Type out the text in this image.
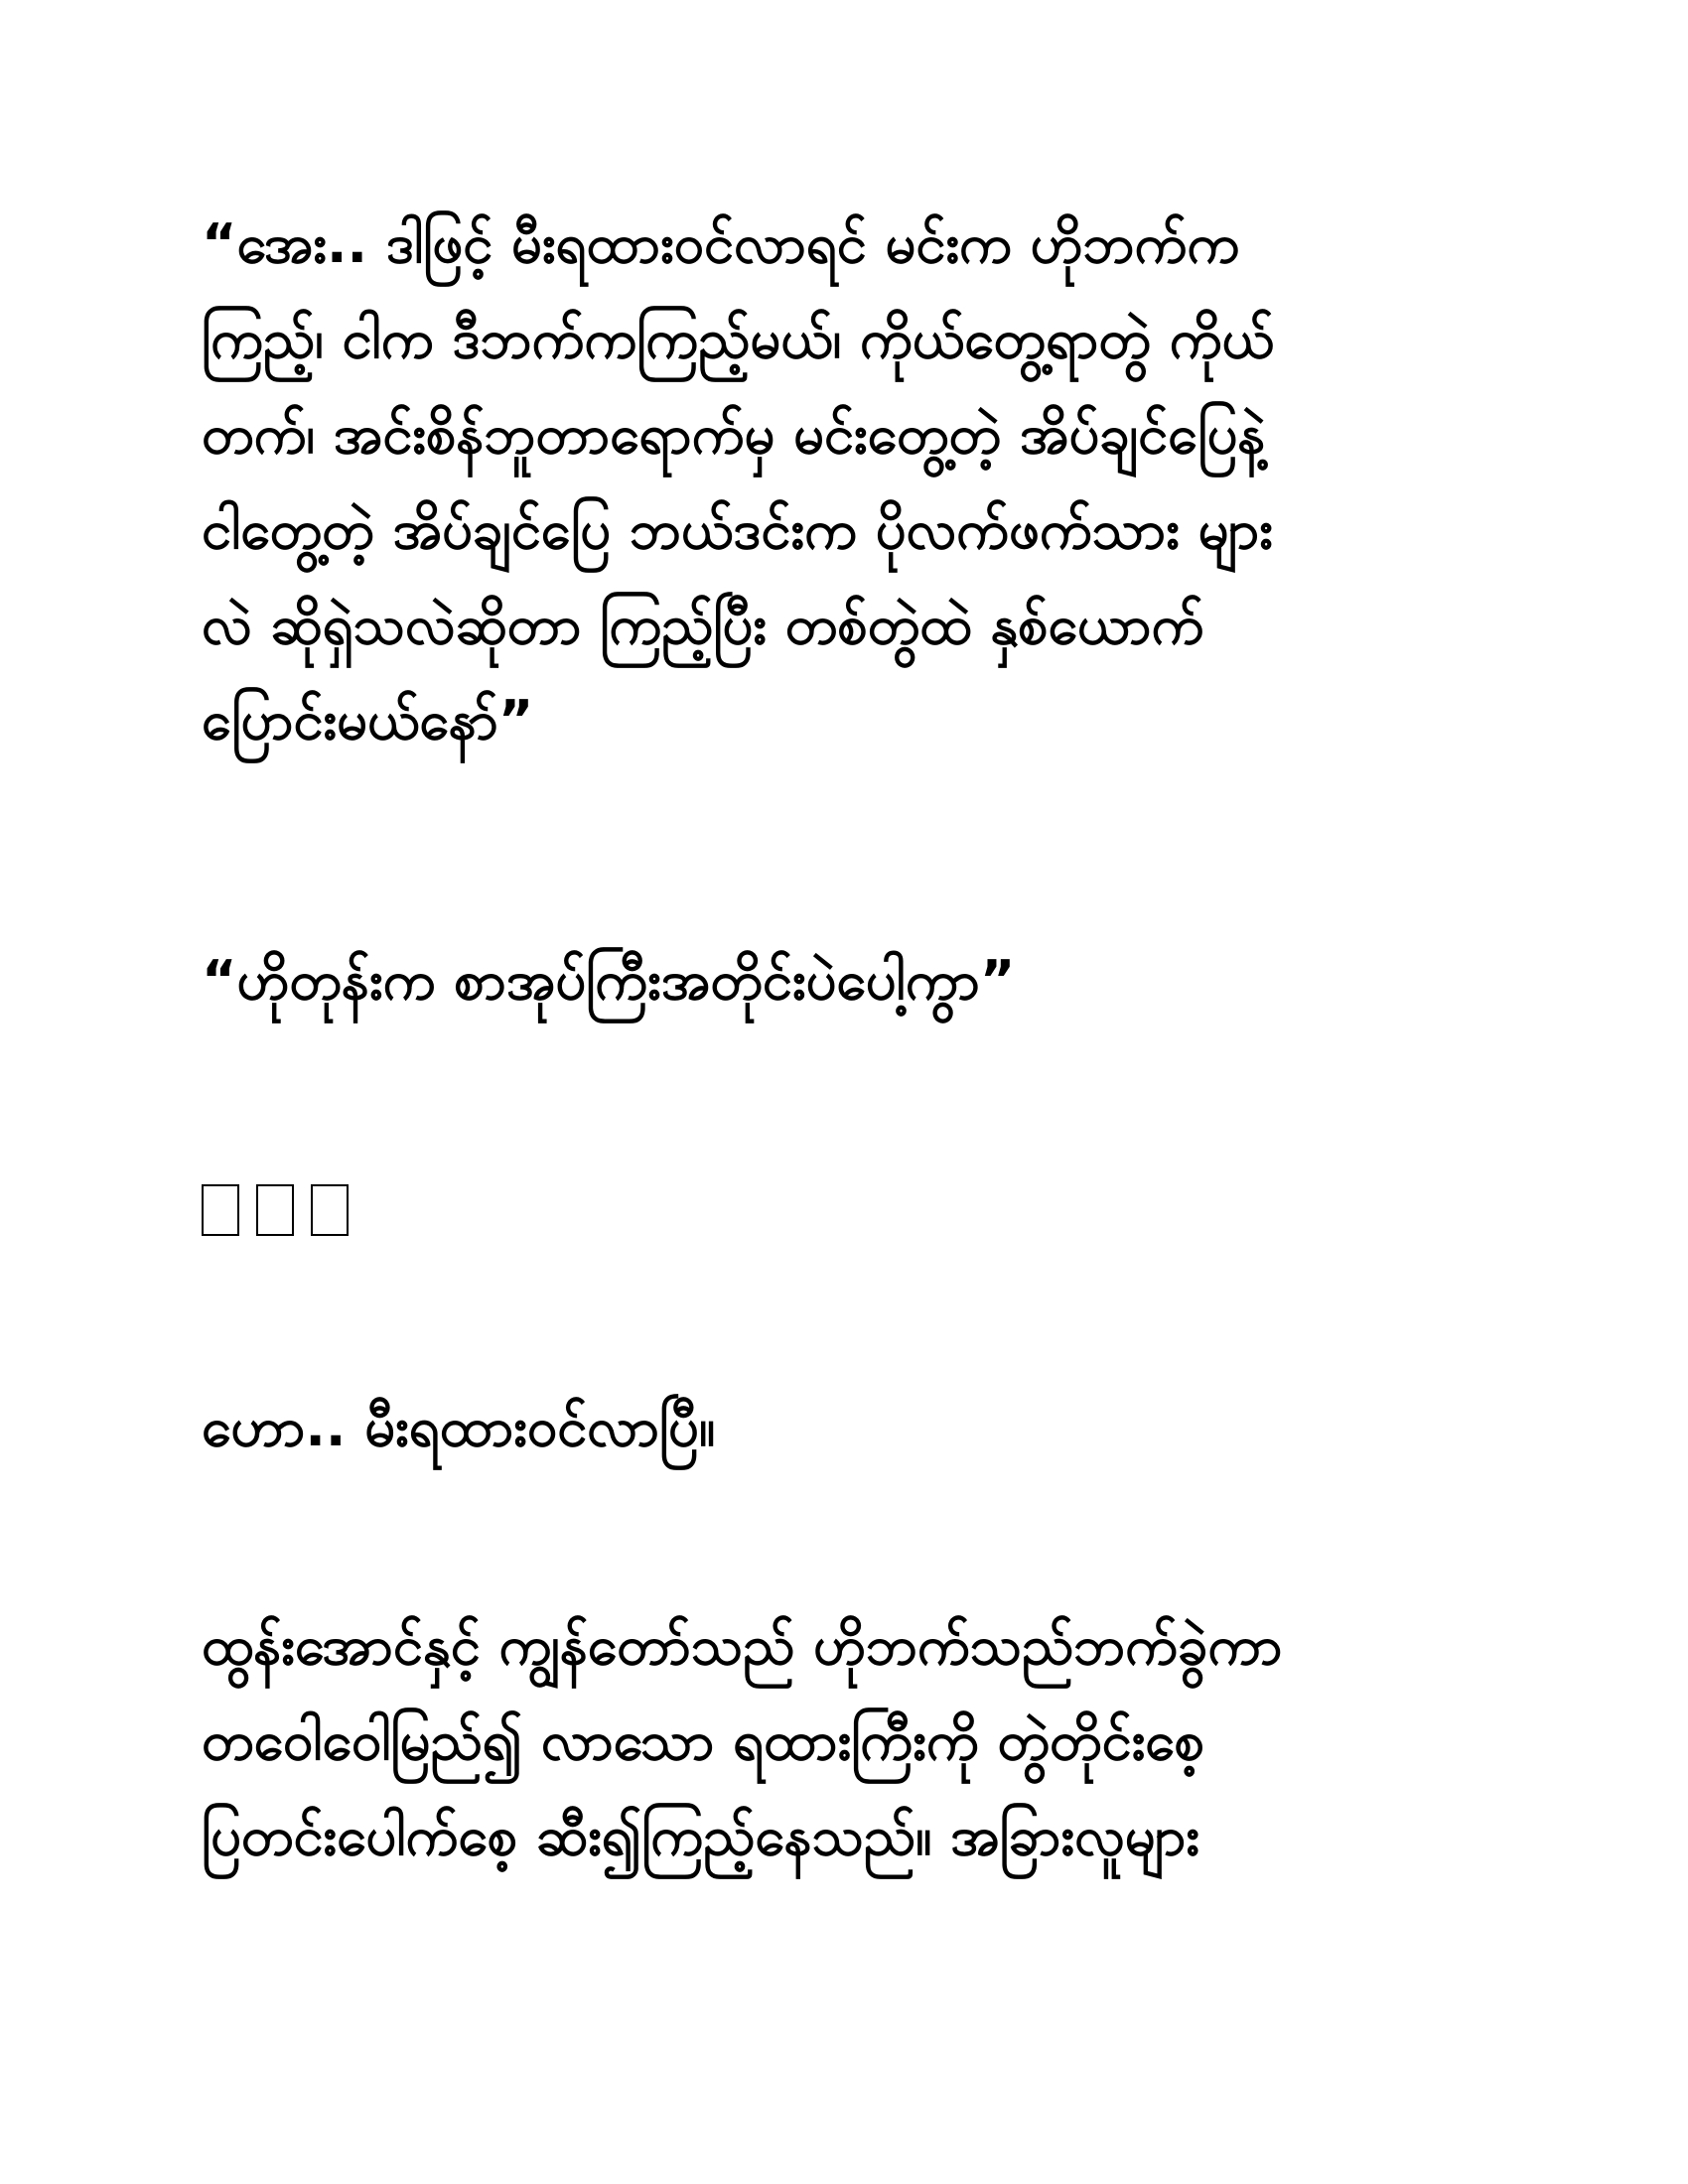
“အေး.. ဒါဖြင့် မီးရထားဝင်လာရင် မင်းက ဟိုဘက်က
ကြည့်၊ ငါက ဒီဘက်ကကြည့်မယ်၊ ကိုယ်တွေ့ရာတွဲ ကိုယ်
တက်၊ အင်းစိန်ဘူတာရောက်မှ မင်းတွေ့တဲ့ အိပ်ချင်ပြေနဲ့
ငါတွေ့တဲ့ အိပ်ချင်ပြေ ဘယ်ဒင်းက ပိုလက်ဖက်သား များ
လဲ ဆိုရှဲသလဲဆိုတာ ကြည့်ပြီး တစ်တွဲထဲ နှစ်ယောက်
ပြောင်းမယ်နော်”
“ဟိုတုန်းက စာအုပ်ကြီးအတိုင်းပဲပေါ့ကွာ”
ဟော.. မီးရထားဝင်လာပြီ။
ထွန်းအောင်နှင့် ကျွန်တော်သည် ဟိုဘက်သည်ဘက်ခွဲကာ
တဝေါဝေါမြည်၍ လာသော ရထားကြီးကို တွဲတိုင်းစေ့
ပြတင်းပေါက်စေ့ ဆီး၍ကြည့်နေသည်။ အခြားလူများ
